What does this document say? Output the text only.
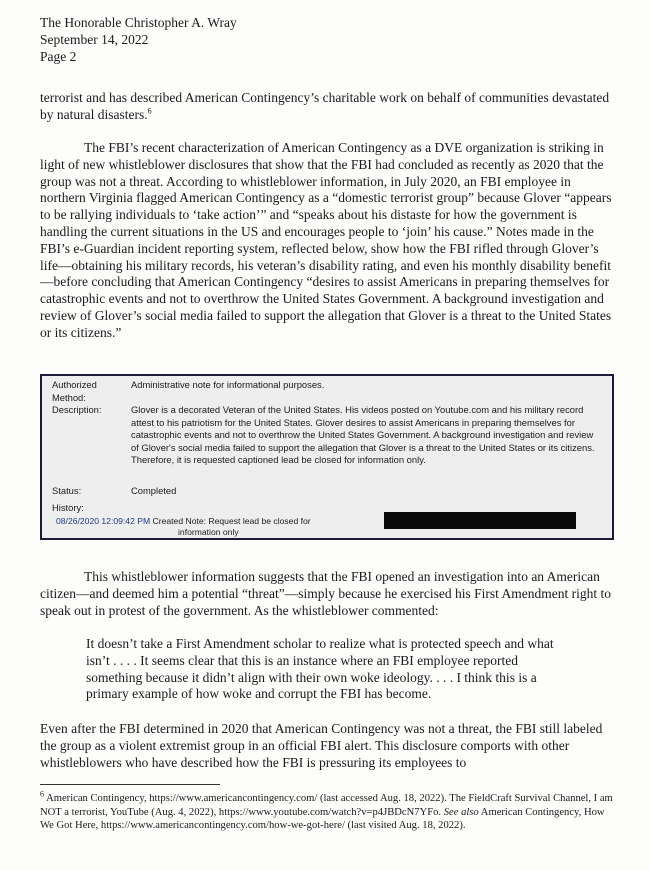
The Honorable Christopher A. Wray
September 14, 2022
Page 2
terrorist and has described American Contingency’s charitable work on behalf of communities devastated by natural disasters.$^6$
The FBI’s recent characterization of American Contingency as a DVE organization is striking in light of new whistleblower disclosures that show that the FBI had concluded as recently as 2020 that the group was not a threat. According to whistleblower information, in July 2020, an FBI employee in northern Virginia flagged American Contingency as a “domestic terrorist group” because Glover “appears to be rallying individuals to ‘take action’” and “speaks about his distaste for how the government is handling the current situations in the US and encourages people to ‘join’ his cause.” Notes made in the FBI’s e-Guardian incident reporting system, reflected below, show how the FBI rifled through Glover’s life—obtaining his military records, his veteran’s disability rating, and even his monthly disability benefit—before concluding that American Contingency “desires to assist Americans in preparing themselves for catastrophic events and not to overthrow the United States Government. A background investigation and review of Glover’s social media failed to support the allegation that Glover is a threat to the United States or its citizens.”
Authorized Method:
Administrative note for informational purposes.
Description:	Glover is a decorated Veteran of the United States. His videos posted on Youtube.com and his military record attest to his patriotism for the United States. Glover desires to assist Americans in preparing themselves for catastrophic events and not to overthrow the United States Government. A background investigation and review of Glover's social media failed to support the allegation that Glover is a threat to the United States or its citizens. Therefore, it is requested captioned lead be closed for information only.
Status:	Completed
History:
08/26/2020 12:09:42 PM Created Note: Request lead be closed for
information only
This whistleblower information suggests that the FBI opened an investigation into an American citizen—and deemed him a potential “threat”—simply because he exercised his First Amendment right to speak out in protest of the government. As the whistleblower commented:
It doesn’t take a First Amendment scholar to realize what is protected speech and what isn’t . . . . It seems clear that this is an instance where an FBI employee reported something because it didn’t align with their own woke ideology. . . . I think this is a primary example of how woke and corrupt the FBI has become.
Even after the FBI determined in 2020 that American Contingency was not a threat, the FBI still labeled the group as a violent extremist group in an official FBI alert. This disclosure comports with other whistleblowers who have described how the FBI is pressuring its employees to
$^6$ American Contingency, https://www.americancontingency.com/ (last accessed Aug. 18, 2022). The FieldCraft Survival Channel, I am NOT a terrorist, YouTube (Aug. 4, 2022), https://www.youtube.com/watch?v=p4JBDcN7YFo. See also American Contingency, How We Got Here, https://www.americancontingency.com/how-we-got-here/ (last visited Aug. 18, 2022).
